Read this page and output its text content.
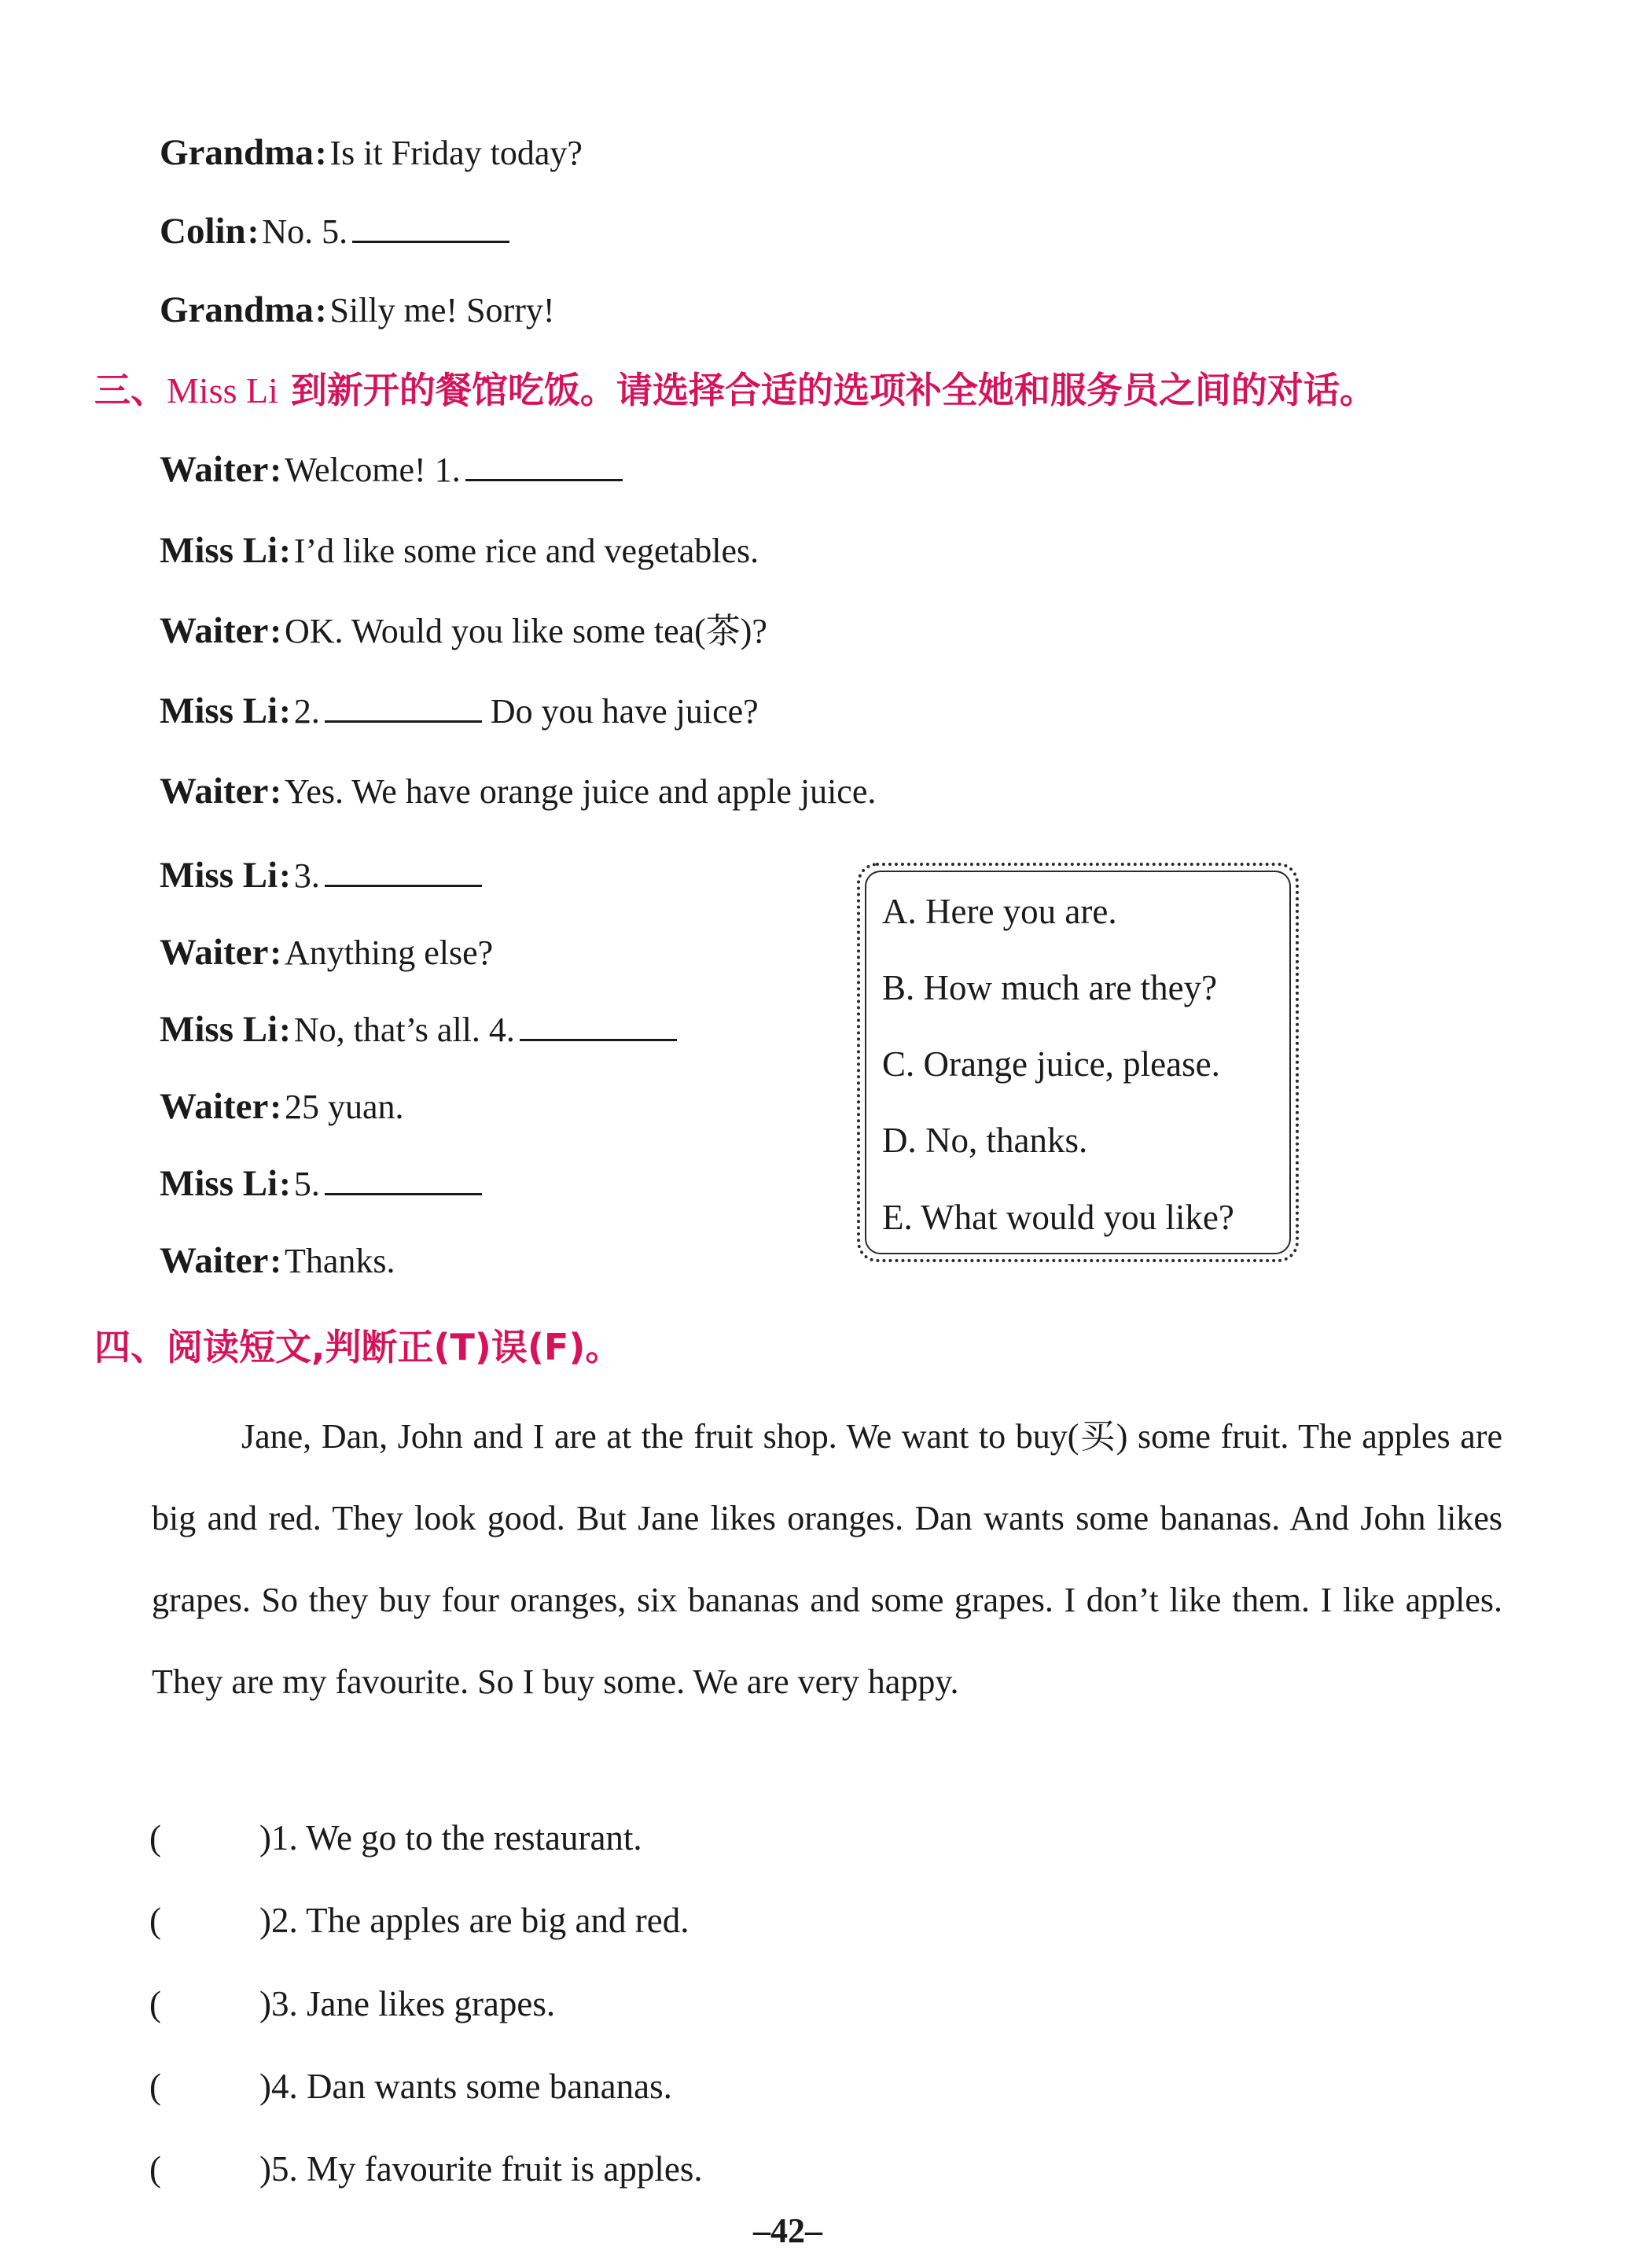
Grandma:Is it Friday today?
Colin:No. 5.
Grandma:Silly me! Sorry!
三、Miss Li 到新开的餐馆吃饭。请选择合适的选项补全她和服务员之间的对话。
Waiter:Welcome! 1.
Miss Li:I’d like some rice and vegetables.
Waiter:OK. Would you like some tea(茶)?
Miss Li:2.	Do you have juice?
Waiter:Yes. We have orange juice and apple juice.
Miss Li:3.
Waiter:Anything else?
Miss Li:No, that’s all. 4.
Waiter:25 yuan.
Miss Li:5.
Waiter:Thanks.
A. Here you are.
B. How much are they?
C. Orange juice, please.
D. No, thanks.
E. What would you like?
四、阅读短文,判断正(T)误(F)。
Jane, Dan, John and I are at the fruit shop. We want to buy(买) some fruit. The apples are big and red. They look good. But Jane likes oranges. Dan wants some bananas. And John likes grapes. So they buy four oranges, six bananas and some grapes. I don’t like them. I like apples. They are my favourite. So I buy some. We are very happy.
(	)1. We go to the restaurant.
(	)2. The apples are big and red.
(	)3. Jane likes grapes.
(	)4. Dan wants some bananas.
(	)5. My favourite fruit is apples.
–42–
